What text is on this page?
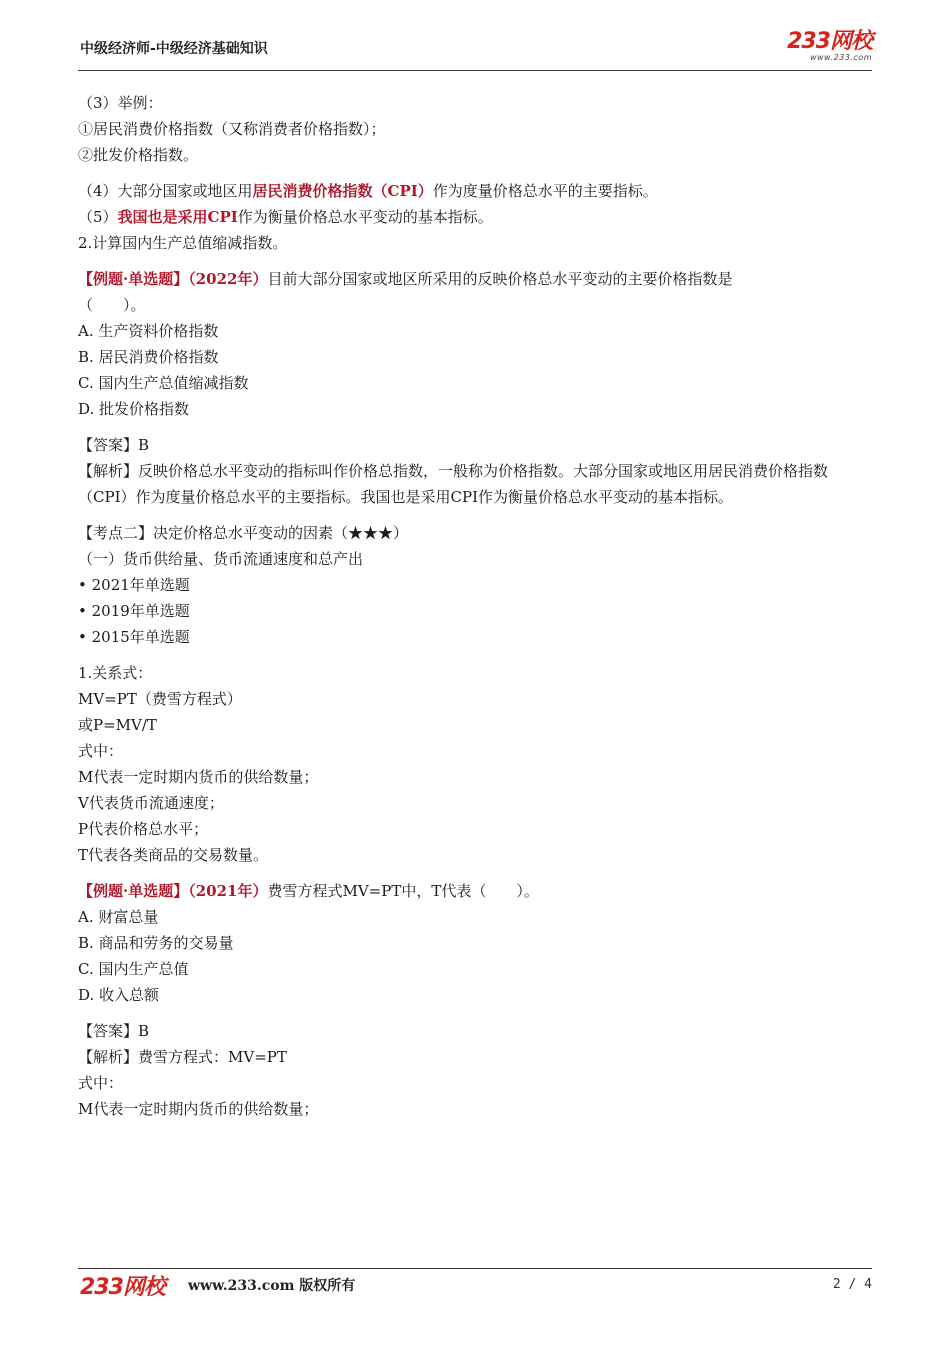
中级经济师-中级经济基础知识	233网校
www.233.com
（3）举例：
①居民消费价格指数（又称消费者价格指数）；
②批发价格指数。
（4）大部分国家或地区用居民消费价格指数（CPI）作为度量价格总水平的主要指标。
（5）我国也是采用CPI作为衡量价格总水平变动的基本指标。
2.计算国内生产总值缩减指数。
【例题·单选题】（2022年）目前大部分国家或地区所采用的反映价格总水平变动的主要价格指数是
（　　）。
A. 生产资料价格指数
B. 居民消费价格指数
C. 国内生产总值缩减指数
D. 批发价格指数
【答案】B
【解析】反映价格总水平变动的指标叫作价格总指数，一般称为价格指数。大部分国家或地区用居民消费价格指数（CPI）作为度量价格总水平的主要指标。我国也是采用CPI作为衡量价格总水平变动的基本指标。
【考点二】决定价格总水平变动的因素（★★★）
（一）货币供给量、货币流通速度和总产出
• 2021年单选题
• 2019年单选题
• 2015年单选题
1.关系式：
MV=PT（费雪方程式）
或P=MV/T
式中：
M代表一定时期内货币的供给数量；
V代表货币流通速度；
P代表价格总水平；
T代表各类商品的交易数量。
【例题·单选题】（2021年）费雪方程式MV=PT中，T代表（　　）。
A. 财富总量
B. 商品和劳务的交易量
C. 国内生产总值
D. 收入总额
【答案】B
【解析】费雪方程式：MV=PT
式中：
M代表一定时期内货币的供给数量；
233网校 www.233.com 版权所有	2 / 4
